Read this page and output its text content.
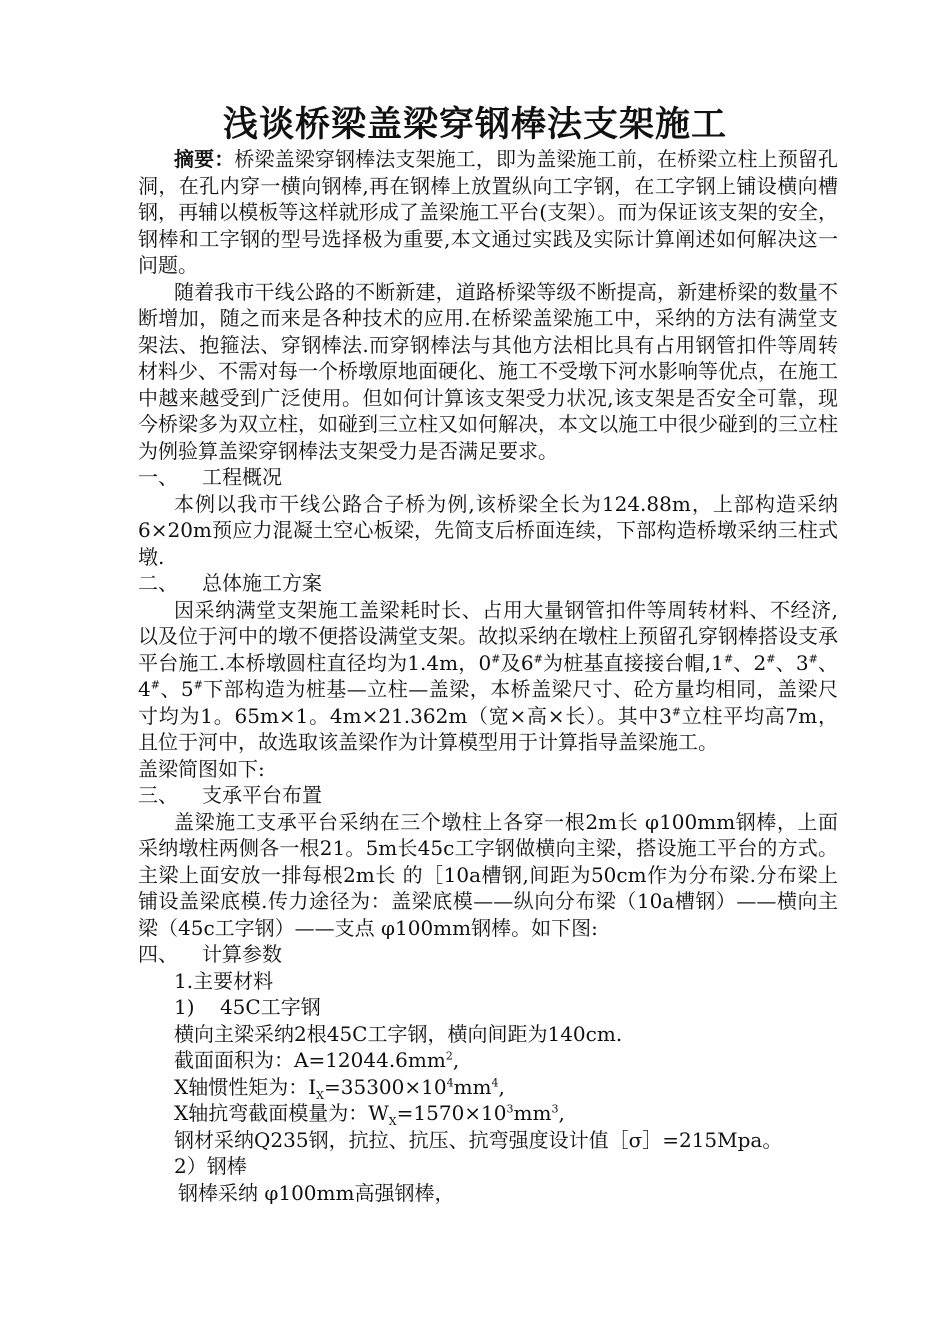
浅谈桥梁盖梁穿钢棒法支架施工

摘要：桥梁盖梁穿钢棒法支架施工，即为盖梁施工前，在桥梁立柱上预留孔洞，在孔内穿一横向钢棒,再在钢棒上放置纵向工字钢，在工字钢上铺设横向槽钢，再辅以模板等这样就形成了盖梁施工平台(支架）。而为保证该支架的安全，钢棒和工字钢的型号选择极为重要,本文通过实践及实际计算阐述如何解决这一问题。

随着我市干线公路的不断新建，道路桥梁等级不断提高，新建桥梁的数量不断增加，随之而来是各种技术的应用.在桥梁盖梁施工中，采纳的方法有满堂支架法、抱箍法、穿钢棒法.而穿钢棒法与其他方法相比具有占用钢管扣件等周转材料少、不需对每一个桥墩原地面硬化、施工不受墩下河水影响等优点，在施工中越来越受到广泛使用。但如何计算该支架受力状况,该支架是否安全可靠，现今桥梁多为双立柱，如碰到三立柱又如何解决，本文以施工中很少碰到的三立柱为例验算盖梁穿钢棒法支架受力是否满足要求。

一、 工程概况

本例以我市干线公路合子桥为例,该桥梁全长为124.88m，上部构造采纳6×20m预应力混凝土空心板梁，先简支后桥面连续，下部构造桥墩采纳三柱式墩.

二、 总体施工方案

因采纳满堂支架施工盖梁耗时长、占用大量钢管扣件等周转材料、不经济,以及位于河中的墩不便搭设满堂支架。故拟采纳在墩柱上预留孔穿钢棒搭设支承平台施工.本桥墩圆柱直径均为1.4m，0#及6#为桩基直接接台帽,1#、2#、3#、4#、5#下部构造为桩基—立柱—盖梁，本桥盖梁尺寸、砼方量均相同，盖梁尺寸均为1。65m×1。4m×21.362m（宽×高×长）。其中3#立柱平均高7m，且位于河中，故选取该盖梁作为计算模型用于计算指导盖梁施工。

盖梁简图如下:

三、 支承平台布置

盖梁施工支承平台采纳在三个墩柱上各穿一根2m长 φ100mm钢棒，上面采纳墩柱两侧各一根21。5m长45c工字钢做横向主梁，搭设施工平台的方式。主梁上面安放一排每根2m长 的［10a槽钢,间距为50cm作为分布梁.分布梁上铺设盖梁底模.传力途径为：盖梁底模——纵向分布梁（10a槽钢）——横向主梁（45c工字钢）——支点 φ100mm钢棒。如下图:

四、 计算参数

1.主要材料

1)    45C工字钢

横向主梁采纳2根45C工字钢，横向间距为140cm.

截面面积为：$A=12044.6mm^2$,

X轴惯性矩为：$I_X=35300\times 10^4mm^4$,

X轴抗弯截面模量为：$W_X=1570\times 10^3mm^3$,

钢材采纳Q235钢，抗拉、抗压、抗弯强度设计值［σ］=215Mpa。

2）钢棒

钢棒采纳 φ100mm高强钢棒，
